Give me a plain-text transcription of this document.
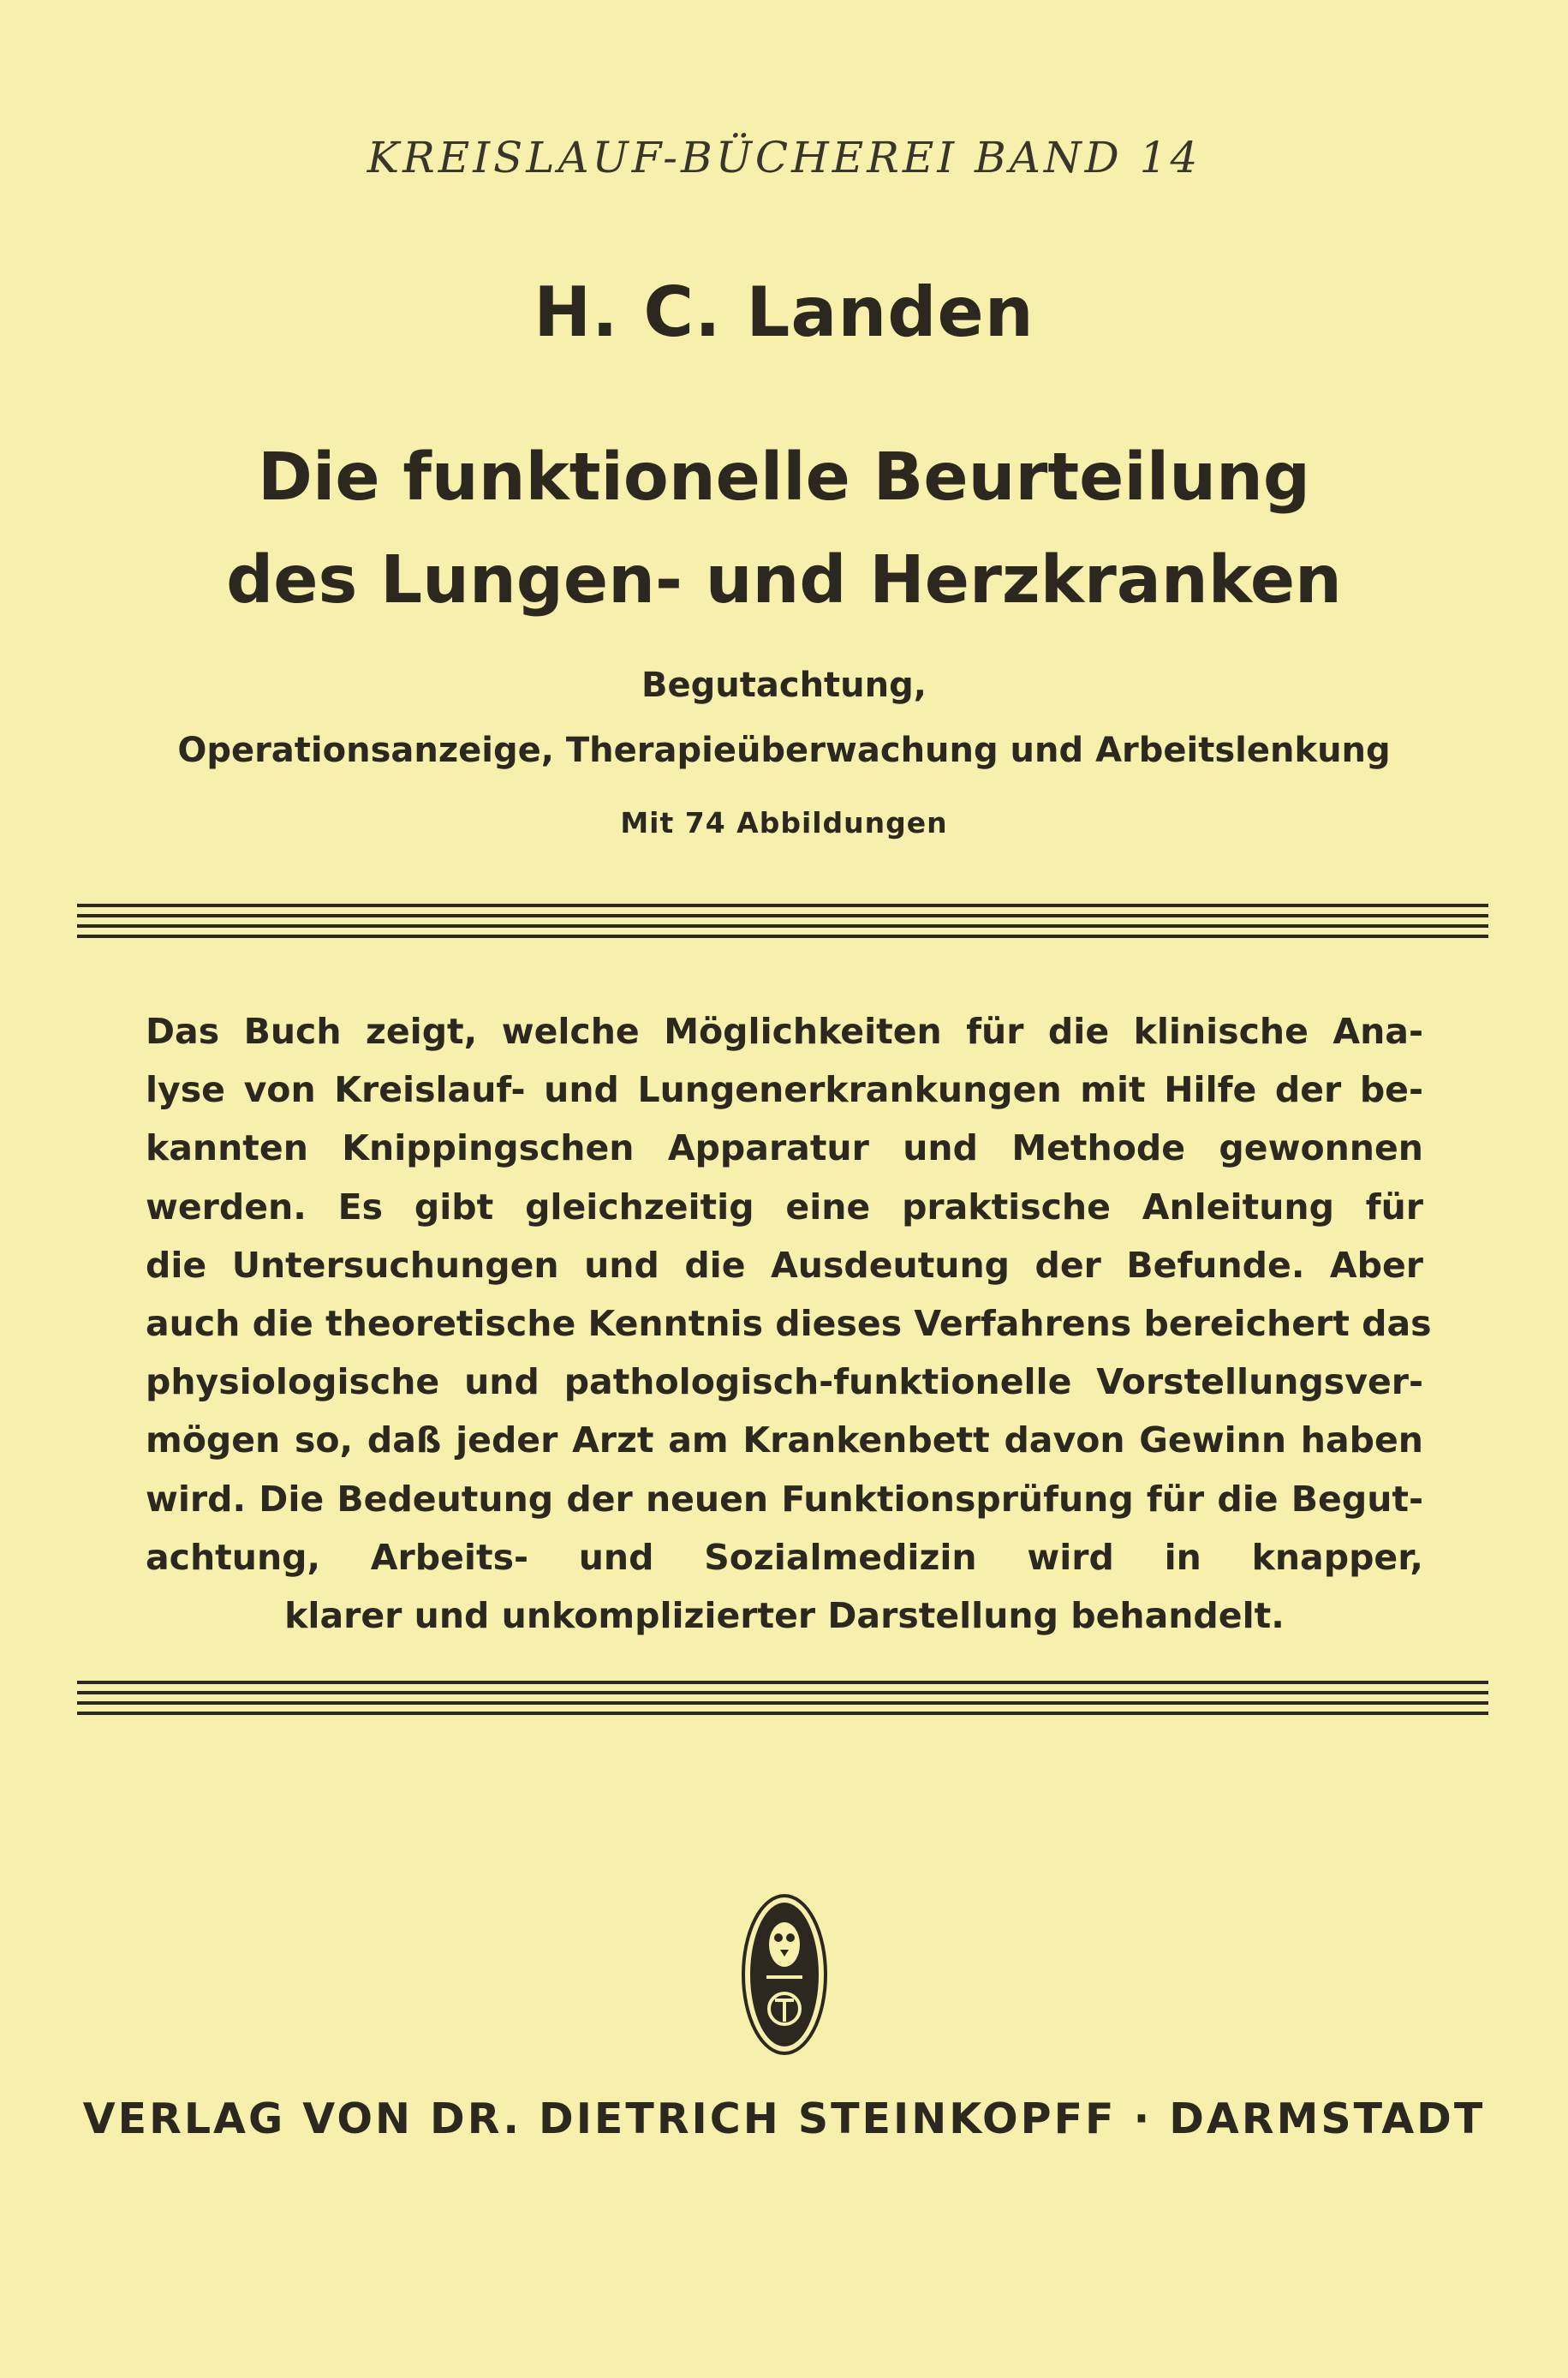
KREISLAUF-BÜCHEREI BAND 14
H. C. Landen
Die funktionelle Beurteilung
des Lungen- und Herzkranken
Begutachtung,
Operationsanzeige, Therapieüberwachung und Arbeitslenkung
Mit 74 Abbildungen
Das Buch zeigt, welche Möglichkeiten für die klinische Ana-
lyse von Kreislauf- und Lungenerkrankungen mit Hilfe der be-
kannten Knippingschen Apparatur und Methode gewonnen
werden. Es gibt gleichzeitig eine praktische Anleitung für
die Untersuchungen und die Ausdeutung der Befunde. Aber
auch die theoretische Kenntnis dieses Verfahrens bereichert das
physiologische und pathologisch-funktionelle Vorstellungsver-
mögen so, daß jeder Arzt am Krankenbett davon Gewinn haben
wird. Die Bedeutung der neuen Funktionsprüfung für die Begut-
achtung, Arbeits- und Sozialmedizin wird in knapper,
klarer und unkomplizierter Darstellung behandelt.
VERLAG VON DR. DIETRICH STEINKOPFF · DARMSTADT
